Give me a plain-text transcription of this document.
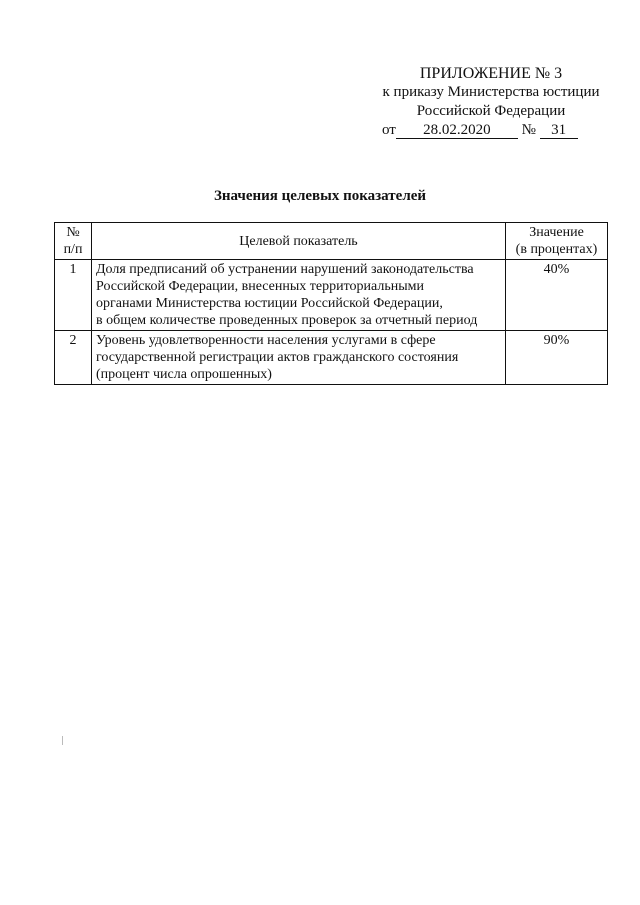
ПРИЛОЖЕНИЕ № 3
к приказу Министерства юстиции
Российской Федерации
от 28.02.2020 № 31
Значения целевых показателей
№
п/п	Целевой показатель	Значение
(в процентах)

1	Доля предписаний об устранении нарушений законодательства
Российской Федерации, внесенных территориальными
органами Министерства юстиции Российской Федерации,
в общем количестве проведенных проверок за отчетный период	40%
2	Уровень удовлетворенности населения услугами в сфере
государственной регистрации актов гражданского состояния
(процент числа опрошенных)	90%
